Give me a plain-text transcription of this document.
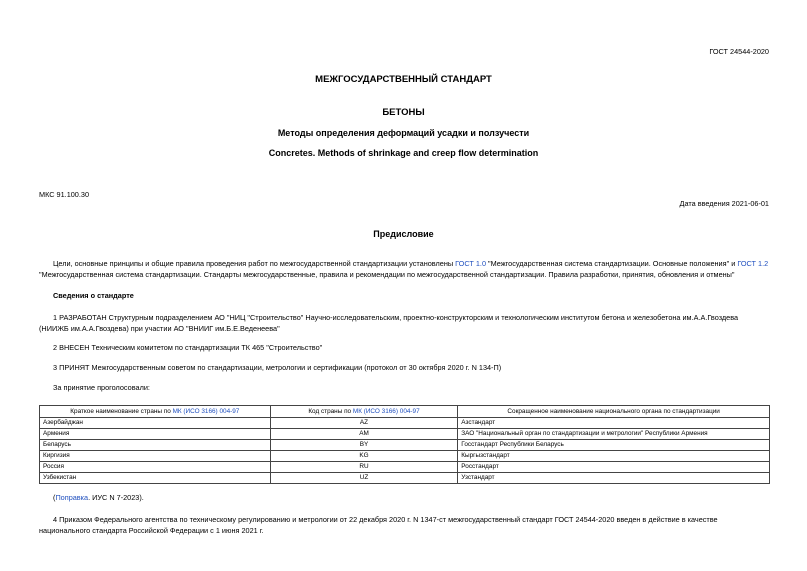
ГОСТ 24544-2020
МЕЖГОСУДАРСТВЕННЫЙ СТАНДАРТ
БЕТОНЫ
Методы определения деформаций усадки и ползучести
Concretes. Methods of shrinkage and creep flow determination
МКС 91.100.30
Дата введения 2021-06-01
Предисловие
Цели, основные принципы и общие правила проведения работ по межгосударственной стандартизации установлены ГОСТ 1.0 "Межгосударственная система стандартизации. Основные положения" и ГОСТ 1.2 "Межгосударственная система стандартизации. Стандарты межгосударственные, правила и рекомендации по межгосударственной стандартизации. Правила разработки, принятия, обновления и отмены"
Сведения о стандарте
1 РАЗРАБОТАН Структурным подразделением АО "НИЦ "Строительство" Научно-исследовательским, проектно-конструкторским и технологическим институтом бетона и железобетона им.А.А.Гвоздева (НИИЖБ им.А.А.Гвоздева) при участии АО "ВНИИГ им.Б.Е.Веденеева"
2 ВНЕСЕН Техническим комитетом по стандартизации ТК 465 "Строительство"
3 ПРИНЯТ Межгосударственным советом по стандартизации, метрологии и сертификации (протокол от 30 октября 2020 г. N 134-П)
За принятие проголосовали:
Краткое наименование страны по МК (ИСО 3166) 004-97	Код страны по МК (ИСО 3166) 004-97	Сокращенное наименование национального органа по стандартизации
Азербайджан	AZ	Азстандарт
Армения	AM	ЗАО "Национальный орган по стандартизации и метрологии" Республики Армения
Беларусь	BY	Госстандарт Республики Беларусь
Киргизия	KG	Кыргызстандарт
Россия	RU	Росстандарт
Узбекистан	UZ	Узстандарт
(Поправка. ИУС N 7-2023).
4 Приказом Федерального агентства по техническому регулированию и метрологии от 22 декабря 2020 г. N 1347-ст межгосударственный стандарт ГОСТ 24544-2020 введен в действие в качестве национального стандарта Российской Федерации с 1 июня 2021 г.
